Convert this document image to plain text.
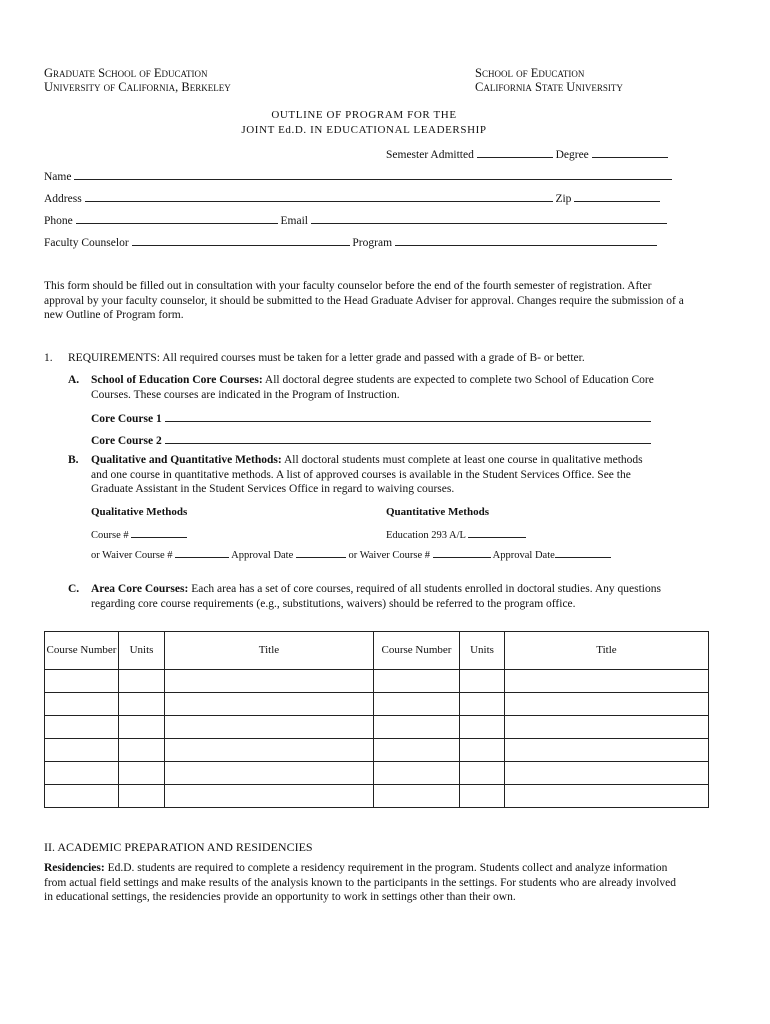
Graduate School of Education
University of California, Berkeley
School of Education
California State University
OUTLINE OF PROGRAM FOR THE
JOINT Ed.D. IN EDUCATIONAL LEADERSHIP
Semester Admitted	Degree
Name
Address	Zip
Phone	Email
Faculty Counselor	Program
This form should be filled out in consultation with your faculty counselor before the end of the fourth semester of registration. After approval by your faculty counselor, it should be submitted to the Head Graduate Adviser for approval. Changes require the submission of a new Outline of Program form.
1. REQUIREMENTS: All required courses must be taken for a letter grade and passed with a grade of B- or better.
A. School of Education Core Courses: All doctoral degree students are expected to complete two School of Education Core Courses. These courses are indicated in the Program of Instruction.
Core Course 1
Core Course 2
B. Qualitative and Quantitative Methods: All doctoral students must complete at least one course in qualitative methods and one course in quantitative methods. A list of approved courses is available in the Student Services Office. See the Graduate Assistant in the Student Services Office in regard to waiving courses.
Qualitative Methods	Quantitative Methods
Course #	Education 293 A/L
or Waiver Course #	Approval Date	or Waiver Course #	Approval Date
C. Area Core Courses: Each area has a set of core courses, required of all students enrolled in doctoral studies. Any questions regarding core course requirements (e.g., substitutions, waivers) should be referred to the program office.
Course Number	Units	Title	Course Number	Units	Title

II. ACADEMIC PREPARATION AND RESIDENCIES
Residencies: Ed.D. students are required to complete a residency requirement in the program. Students collect and analyze information from actual field settings and make results of the analysis known to the participants in the settings. For students who are already involved in educational settings, the residencies provide an opportunity to work in settings other than their own.
